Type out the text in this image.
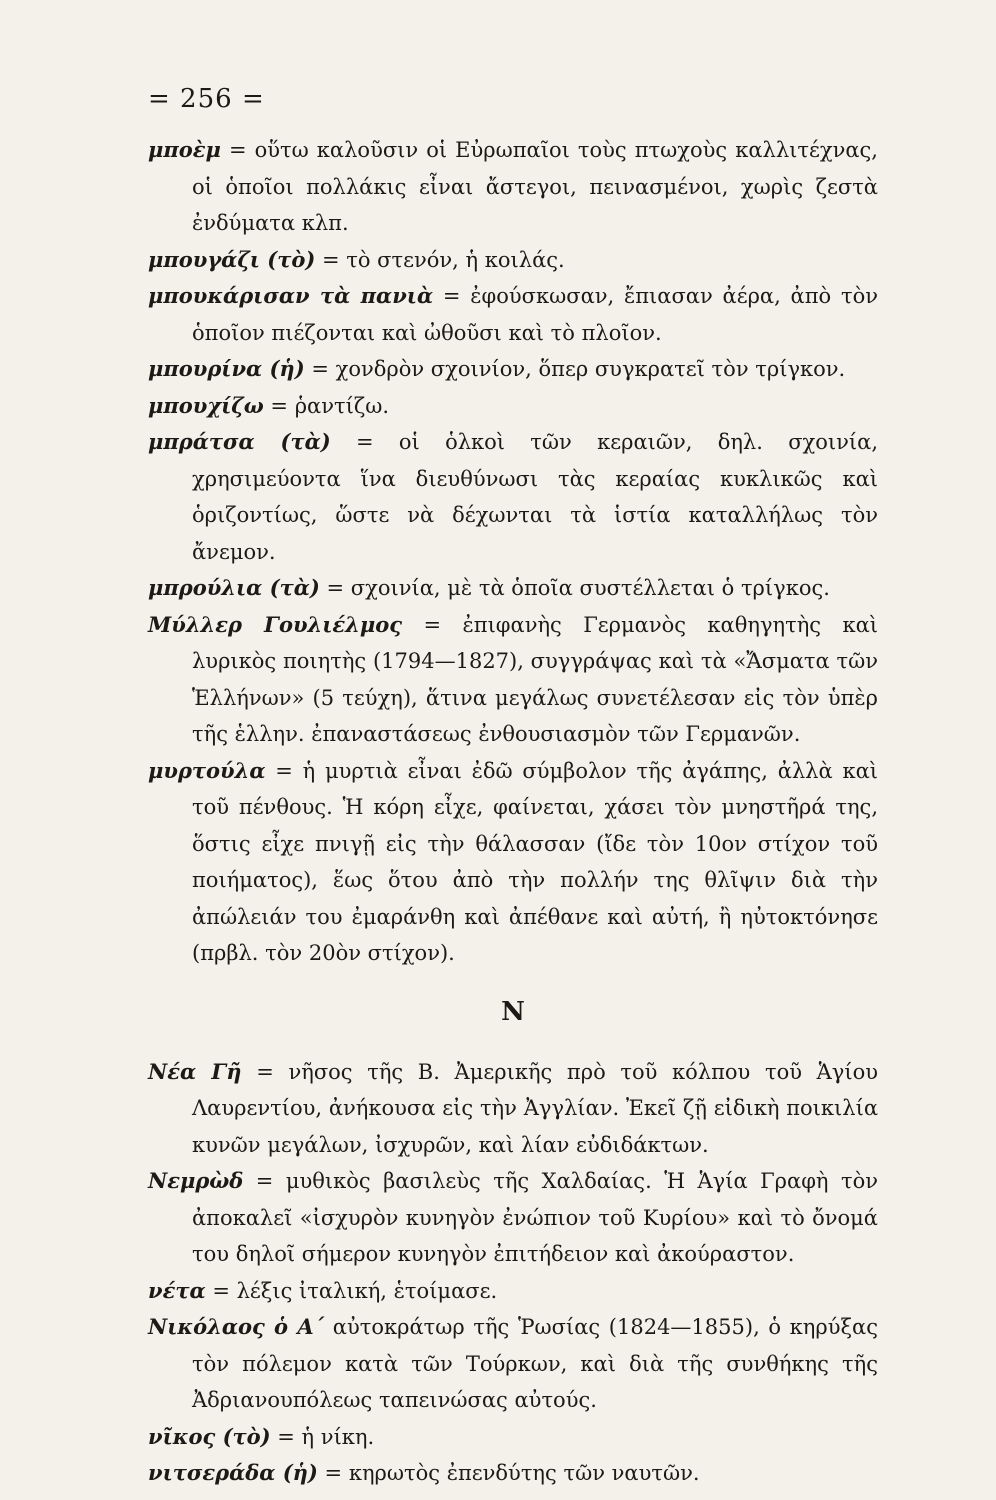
= 256 =

μποὲμ = οὕτω καλοῦσιν οἱ Εὐρωπαῖοι τοὺς πτωχοὺς καλλιτέχνας, οἱ ὁποῖοι πολλάκις εἶναι ἄστεγοι, πεινασμένοι, χωρὶς ζεστὰ ἐνδύματα κλπ.

μπουγάζι (τὸ) = τὸ στενόν, ἡ κοιλάς.

μπουκάρισαν τὰ πανιὰ = ἐφούσκωσαν, ἔπιασαν ἀέρα, ἀπὸ τὸν ὁποῖον πιέζονται καὶ ὠθοῦσι καὶ τὸ πλοῖον.

μπουρίνα (ἡ) = χονδρὸν σχοινίον, ὅπερ συγκρατεῖ τὸν τρίγκον.

μπουχίζω = ῥαντίζω.

μπράτσα (τὰ) = οἱ ὁλκοὶ τῶν κεραιῶν, δηλ. σχοινία, χρησιμεύοντα ἵνα διευθύνωσι τὰς κεραίας κυκλικῶς καὶ ὁριζοντίως, ὥστε νὰ δέχωνται τὰ ἱστία καταλλήλως τὸν ἄνεμον.

μπρούλια (τὰ) = σχοινία, μὲ τὰ ὁποῖα συστέλλεται ὁ τρίγκος.

Μύλλερ Γουλιέλμος = ἐπιφανὴς Γερμανὸς καθηγητὴς καὶ λυρικὸς ποιητὴς (1794—1827), συγγράψας καὶ τὰ «Ἄσματα τῶν Ἑλλήνων» (5 τεύχη), ἅτινα μεγάλως συνετέλεσαν εἰς τὸν ὑπὲρ τῆς ἑλλην. ἐπαναστάσεως ἐνθουσιασμὸν τῶν Γερμανῶν.

μυρτούλα = ἡ μυρτιὰ εἶναι ἐδῶ σύμβολον τῆς ἀγάπης, ἀλλὰ καὶ τοῦ πένθους. Ἡ κόρη εἶχε, φαίνεται, χάσει τὸν μνηστῆρά της, ὅστις εἶχε πνιγῇ εἰς τὴν θάλασσαν (ἴδε τὸν 10ον στίχον τοῦ ποιήματος), ἕως ὅτου ἀπὸ τὴν πολλήν της θλῖψιν διὰ τὴν ἀπώλειάν του ἐμαράνθη καὶ ἀπέθανε καὶ αὐτή, ἢ ηὐτοκτόνησε (πρβλ. τὸν 20ὸν στίχον).

Ν

Νέα Γῆ = νῆσος τῆς Β. Ἀμερικῆς πρὸ τοῦ κόλπου τοῦ Ἁγίου Λαυρεντίου, ἀνήκουσα εἰς τὴν Ἀγγλίαν. Ἐκεῖ ζῇ εἰδικὴ ποικιλία κυνῶν μεγάλων, ἰσχυρῶν, καὶ λίαν εὐδιδάκτων.

Νεμρὼδ = μυθικὸς βασιλεὺς τῆς Χαλδαίας. Ἡ Ἁγία Γραφὴ τὸν ἀποκαλεῖ «ἰσχυρὸν κυνηγὸν ἐνώπιον τοῦ Κυρίου» καὶ τὸ ὄνομά του δηλοῖ σήμερον κυνηγὸν ἐπιτήδειον καὶ ἀκούραστον.

νέτα = λέξις ἰταλική, ἑτοίμασε.

Νικόλαος ὁ Α΄ αὐτοκράτωρ τῆς Ῥωσίας (1824—1855), ὁ κηρύξας τὸν πόλεμον κατὰ τῶν Τούρκων, καὶ διὰ τῆς συνθήκης τῆς Ἀδριανουπόλεως ταπεινώσας αὐτούς.

νῖκος (τὸ) = ἡ νίκη.

νιτσεράδα (ἡ) = κηρωτὸς ἐπενδύτης τῶν ναυτῶν.
